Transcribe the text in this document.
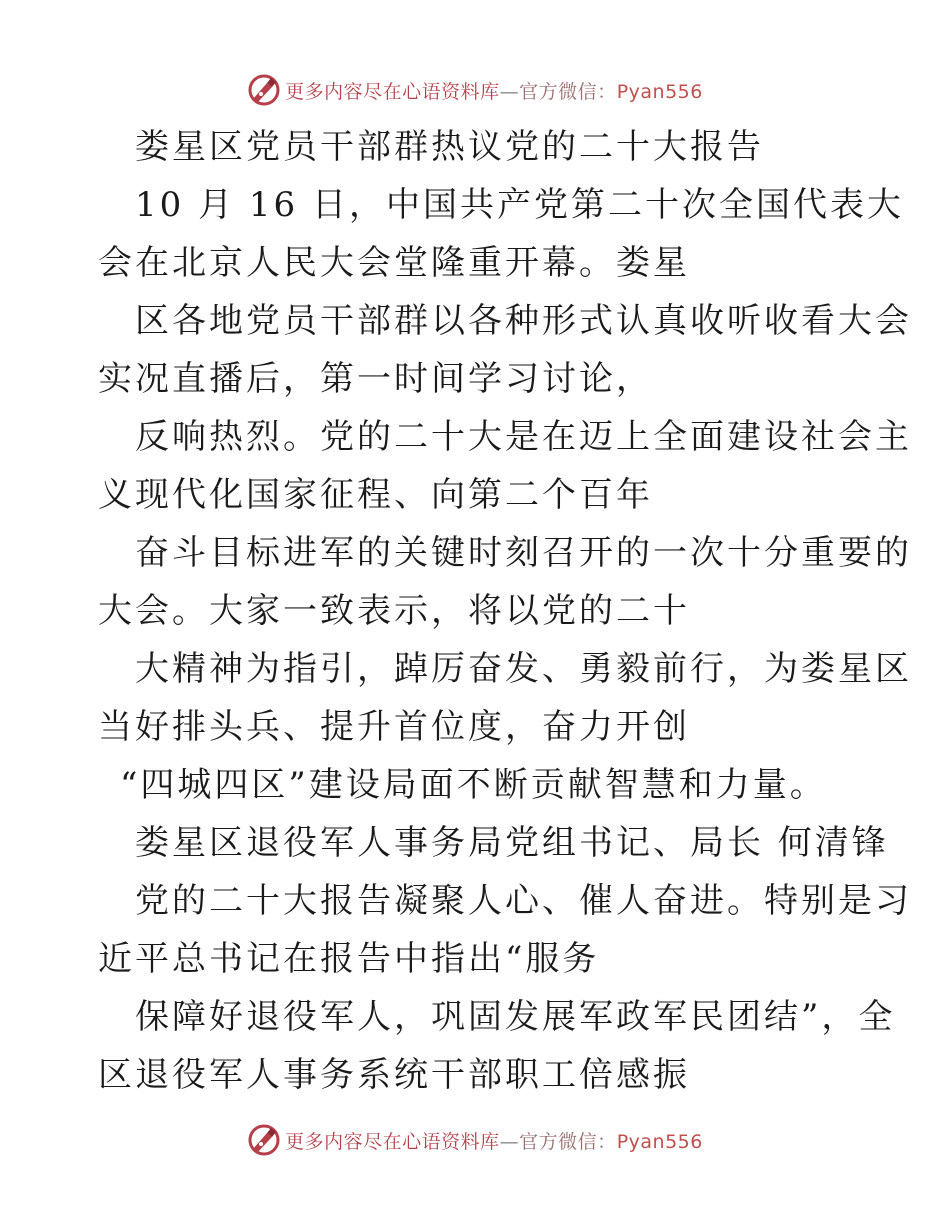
更多内容尽在心语资料库—官方微信：Pyan556
娄星区党员干部群热议党的二十大报告
10 月 16 日，中国共产党第二十次全国代表大
会在北京人民大会堂隆重开幕。娄星
区各地党员干部群以各种形式认真收听收看大会
实况直播后，第一时间学习讨论，
反响热烈。党的二十大是在迈上全面建设社会主
义现代化国家征程、向第二个百年
奋斗目标进军的关键时刻召开的一次十分重要的
大会。大家一致表示，将以党的二十
大精神为指引，踔厉奋发、勇毅前行，为娄星区
当好排头兵、提升首位度，奋力开创
“四城四区”建设局面不断贡献智慧和力量。
娄星区退役军人事务局党组书记、局长 何清锋
党的二十大报告凝聚人心、催人奋进。特别是习
近平总书记在报告中指出“服务
保障好退役军人，巩固发展军政军民团结”，全
区退役军人事务系统干部职工倍感振
更多内容尽在心语资料库—官方微信：Pyan556
